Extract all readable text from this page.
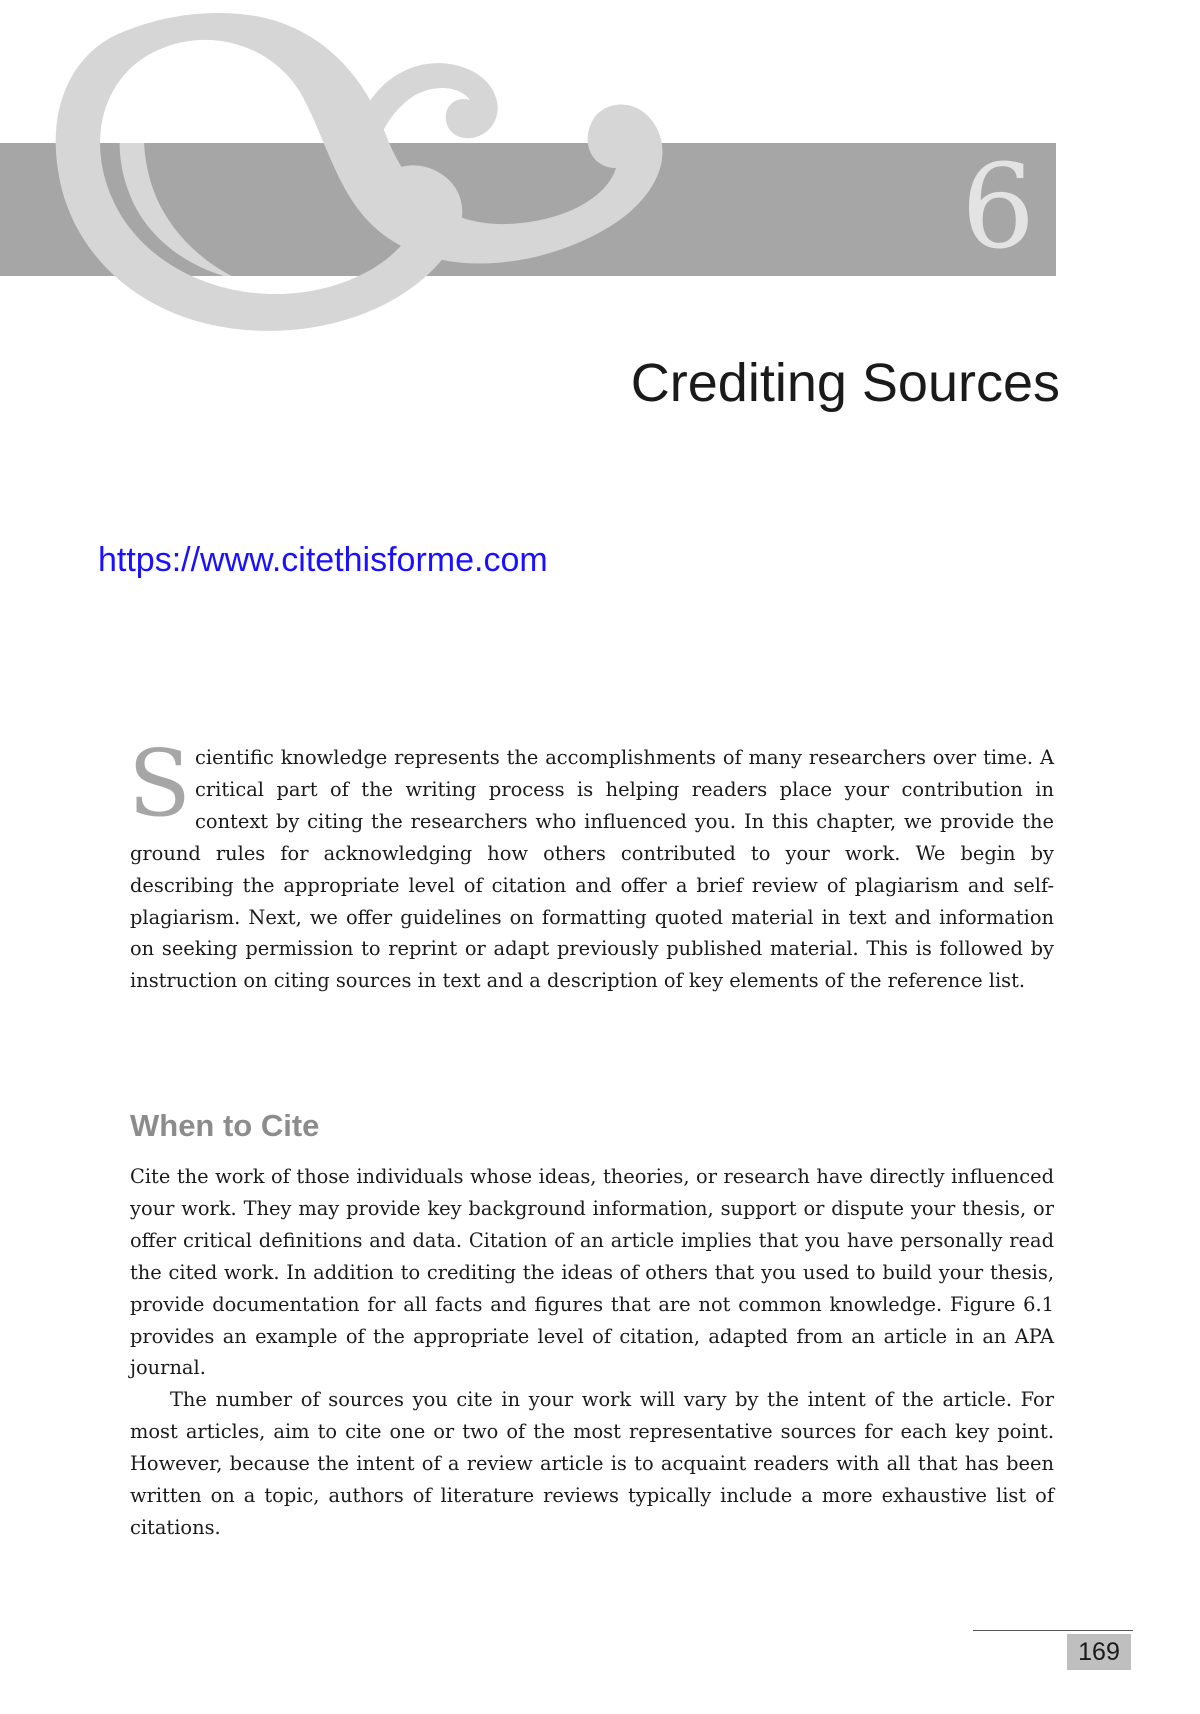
6
Crediting Sources
https://www.citethisforme.com

Scientific knowledge represents the accomplishments of many researchers over time. A critical part of the writing process is helping readers place your contribution in context by citing the researchers who influenced you. In this chapter, we provide the ground rules for acknowledging how others contributed to your work. We begin by describing the appropriate level of citation and offer a brief review of plagiarism and self-plagiarism. Next, we offer guidelines on formatting quoted material in text and information on seeking permission to reprint or adapt previously published material. This is followed by instruction on citing sources in text and a description of key elements of the reference list.

When to Cite

Cite the work of those individuals whose ideas, theories, or research have directly influenced your work. They may provide key background information, support or dispute your thesis, or offer critical definitions and data. Citation of an article implies that you have personally read the cited work. In addition to crediting the ideas of others that you used to build your thesis, provide documentation for all facts and figures that are not common knowledge. Figure 6.1 provides an example of the appropriate level of citation, adapted from an article in an APA journal.

The number of sources you cite in your work will vary by the intent of the article. For most articles, aim to cite one or two of the most representative sources for each key point. However, because the intent of a review article is to acquaint readers with all that has been written on a topic, authors of literature reviews typically include a more exhaustive list of citations.

169
